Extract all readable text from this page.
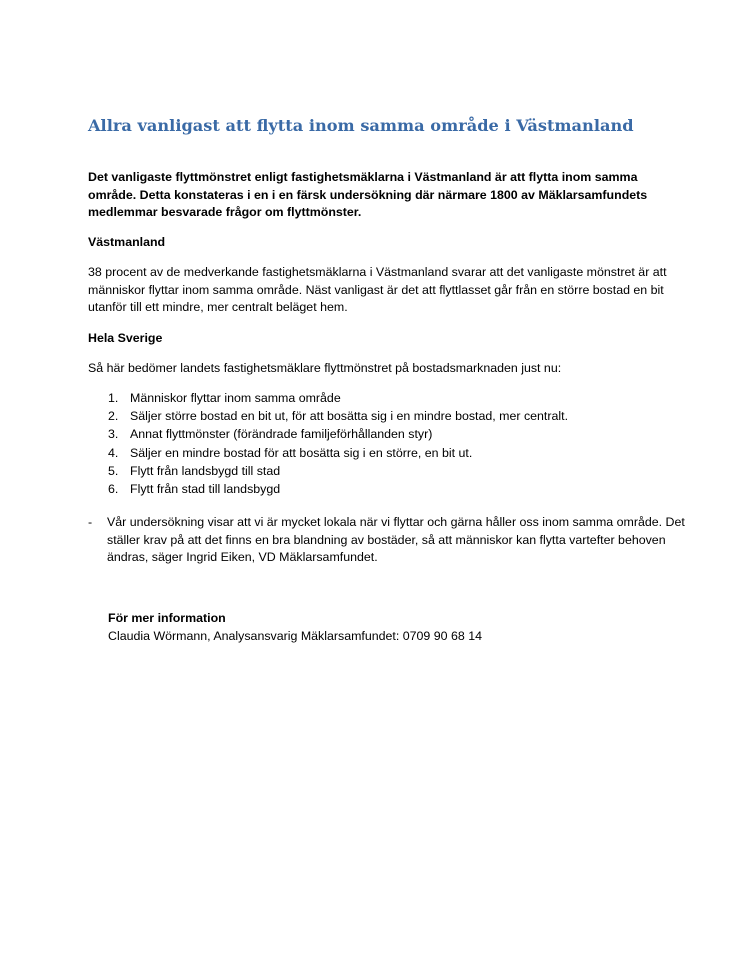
Allra vanligast att flytta inom samma område i Västmanland
Det vanligaste flyttmönstret enligt fastighetsmäklarna i Västmanland är att flytta inom samma område. Detta konstateras i en i en färsk undersökning där närmare 1800 av Mäklarsamfundets medlemmar besvarade frågor om flyttmönster.
Västmanland
38 procent av de medverkande fastighetsmäklarna i Västmanland svarar att det vanligaste mönstret är att människor flyttar inom samma område. Näst vanligast är det att flyttlasset går från en större bostad en bit utanför till ett mindre, mer centralt beläget hem.
Hela Sverige
Så här bedömer landets fastighetsmäklare flyttmönstret på bostadsmarknaden just nu:
1. Människor flyttar inom samma område
2. Säljer större bostad en bit ut, för att bosätta sig i en mindre bostad, mer centralt.
3. Annat flyttmönster (förändrade familjeförhållanden styr)
4. Säljer en mindre bostad för att bosätta sig i en större, en bit ut.
5. Flytt från landsbygd till stad
6. Flytt från stad till landsbygd
-	Vår undersökning visar att vi är mycket lokala när vi flyttar och gärna håller oss inom samma område. Det ställer krav på att det finns en bra blandning av bostäder, så att människor kan flytta vartefter behoven ändras, säger Ingrid Eiken, VD Mäklarsamfundet.
För mer information
Claudia Wörmann, Analysansvarig Mäklarsamfundet: 0709 90 68 14
